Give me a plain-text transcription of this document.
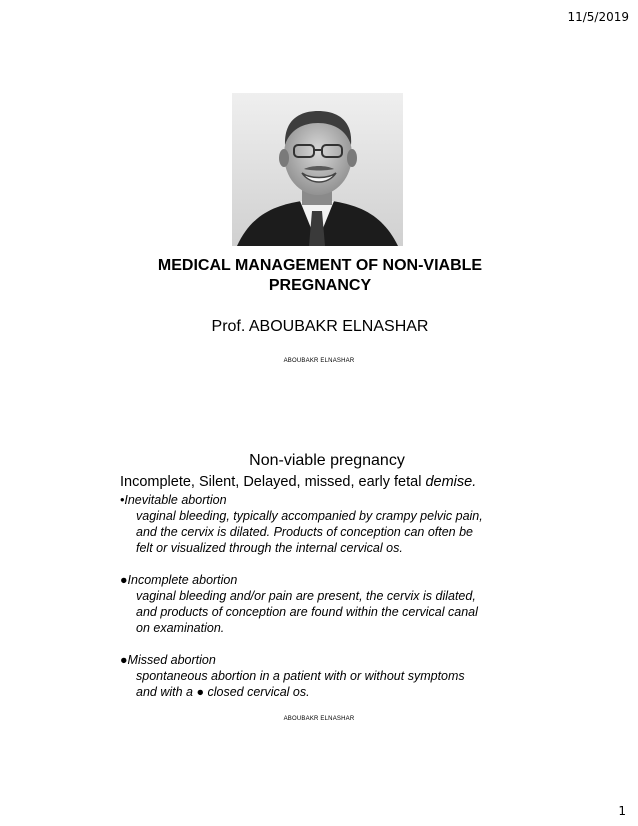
11/5/2019
MEDICAL MANAGEMENT OF NON-VIABLE
PREGNANCY
Prof. ABOUBAKR ELNASHAR
ABOUBAKR ELNASHAR
Non-viable pregnancy
Incomplete, Silent, Delayed, missed, early fetal demise.

•Inevitable abortion

vaginal bleeding, typically accompanied by crampy pelvic pain,

and the cervix is dilated. Products of conception can often be

felt or visualized through the internal cervical os.

●Incomplete abortion

vaginal bleeding and/or pain are present, the cervix is dilated,

and products of conception are found within the cervical canal

on examination.

●Missed abortion

spontaneous abortion in a patient with or without symptoms

and with a ● closed cervical os.

ABOUBAKR ELNASHAR
1
